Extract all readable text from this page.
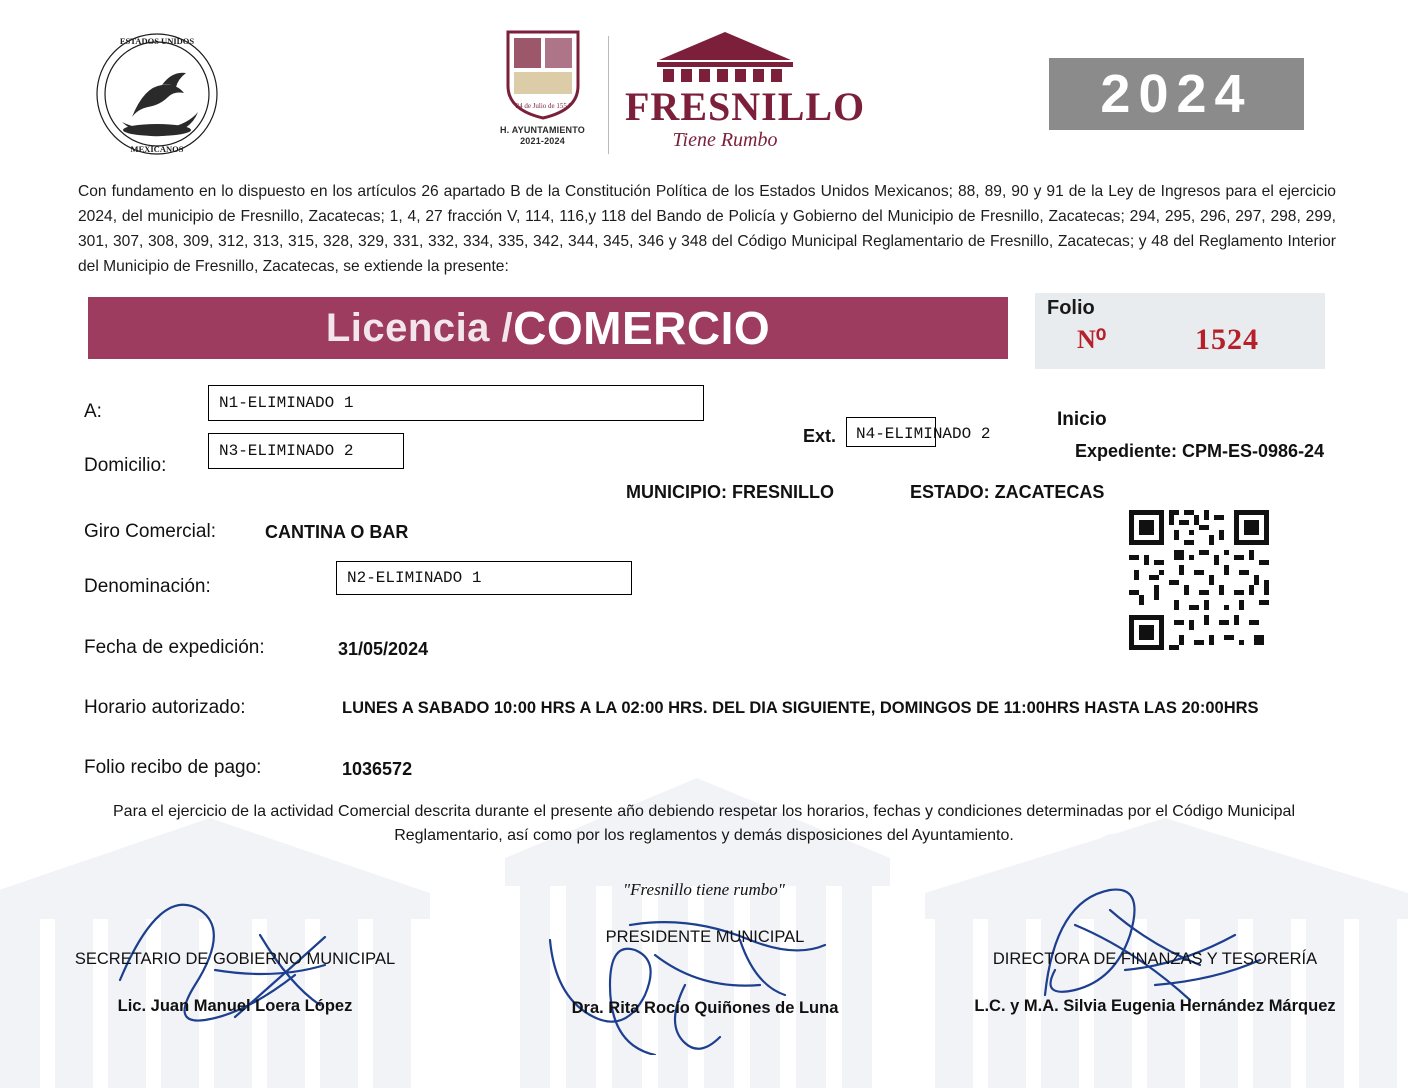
ESTADOS UNIDOS
MEXICANOS
24 de Julio de 1554
H. AYUNTAMIENTO
2021-2024
FRESNILLO
Tiene Rumbo
2024

Con fundamento en lo dispuesto en los artículos 26 apartado B de la Constitución Política de los Estados Unidos Mexicanos; 88, 89, 90 y 91 de la Ley de Ingresos para el ejercicio 2024, del municipio de Fresnillo, Zacatecas; 1, 4, 27 fracción V, 114, 116,y 118 del Bando de Policía y Gobierno del Municipio de Fresnillo, Zacatecas; 294, 295, 296, 297, 298, 299, 301, 307, 308, 309, 312, 313, 315, 328, 329, 331, 332, 334, 335, 342, 344, 345, 346 y 348 del Código Municipal Reglamentario de Fresnillo, Zacatecas; y 48 del Reglamento Interior del Municipio de Fresnillo, Zacatecas, se extiende la presente:

Licencia / COMERCIO	Folio
N⁰	1524
A:	N1-ELIMINADO 1
Domicilio:
N3-ELIMINADO 2
Ext. N4-ELIMINADO 2
Inicio
Expediente: CPM-ES-0986-24
MUNICIPIO: FRESNILLO	ESTADO: ZACATECAS
Giro Comercial:	CANTINA O BAR
Denominación:	N2-ELIMINADO 1
Fecha de expedición:	31/05/2024
Horario autorizado:	LUNES A SABADO 10:00 HRS A LA 02:00 HRS. DEL DIA SIGUIENTE, DOMINGOS DE 11:00HRS HASTA LAS 20:00HRS
Folio recibo de pago:	1036572
Para el ejercicio de la actividad Comercial descrita durante el presente año debiendo respetar los horarios, fechas y condiciones determinadas por el Código Municipal Reglamentario, así como por los reglamentos y demás disposiciones del Ayuntamiento.
"Fresnillo tiene rumbo"
SECRETARIO DE GOBIERNO MUNICIPAL
Lic. Juan Manuel Loera López
PRESIDENTE MUNICIPAL
Dra. Rita Rocío Quiñones de Luna
DIRECTORA DE FINANZAS Y TESORERÍA
L.C. y M.A. Silvia Eugenia Hernández Márquez
